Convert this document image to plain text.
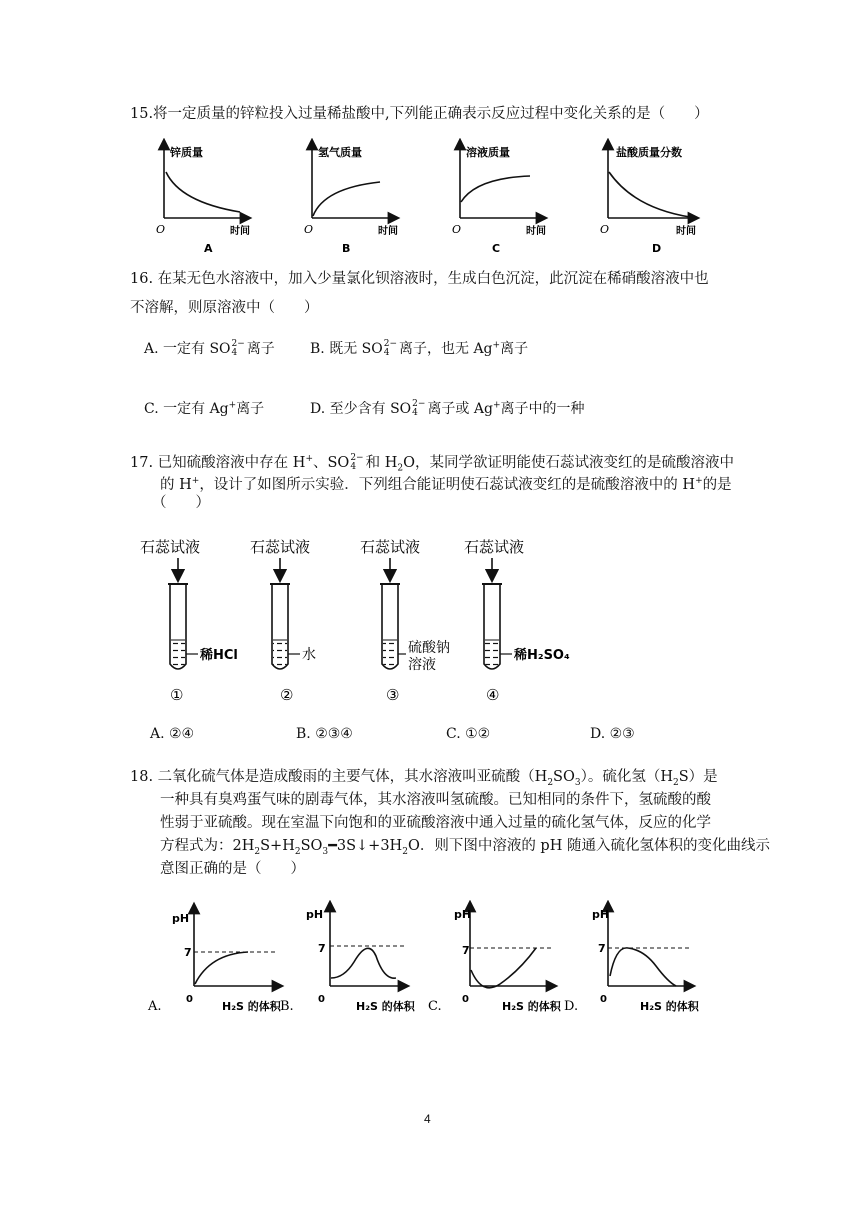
15.将一定质量的锌粒投入过量稀盐酸中,下列能正确表示反应过程中变化关系的是（　　）
锌质量
O	时间
A
氢气质量
O	时间
B
溶液质量
O	时间
C
盐酸质量分数
O	时间
D
16. 在某无色水溶液中，加入少量氯化钡溶液时，生成白色沉淀，此沉淀在稀硝酸溶液中也
不溶解，则原溶液中（　　）
A. 一定有 SO 2−
4 离子	B. 既无 SO 2−
4 离子，也无 Ag+离子
C. 一定有 Ag+离子	D. 至少含有 SO 2−
4 离子或 Ag+离子中的一种
17. 已知硫酸溶液中存在 H+、SO 2−
4 和 $H_2O$，某同学欲证明能使石蕊试液变红的是硫酸溶液中
的 H+，设计了如图所示实验．下列组合能证明使石蕊试液变红的是硫酸溶液中的 H+的是
（　　）
石蕊试液
稀HCl
①
石蕊试液
水
②
石蕊试液
硫酸钠
溶液
③
石蕊试液
稀H₂SO₄
④
A. ②④	B. ②③④	C. ①②	D. ②③
18. 二氧化硫气体是造成酸雨的主要气体，其水溶液叫亚硫酸$(H_2SO_3)$。硫化氢$(H_2S)$是
一种具有臭鸡蛋气味的剧毒气体，其水溶液叫氢硫酸。已知相同的条件下，氢硫酸的酸
性弱于亚硫酸。现在室温下向饱和的亚硫酸溶液中通入过量的硫化氢气体，反应的化学
方程式为：$2H_2S+H_2SO_3━3S↓+3H_2O$．则下图中溶液的 pH 随通入硫化氢体积的变化曲线示
意图正确的是（　　）
A.
pH
7
0
H₂S 的体积 B.
pH
7
0
H₂S 的体积 C.
pH
7
0
H₂S 的体积 D.
pH
7
0
H₂S 的体积
4
